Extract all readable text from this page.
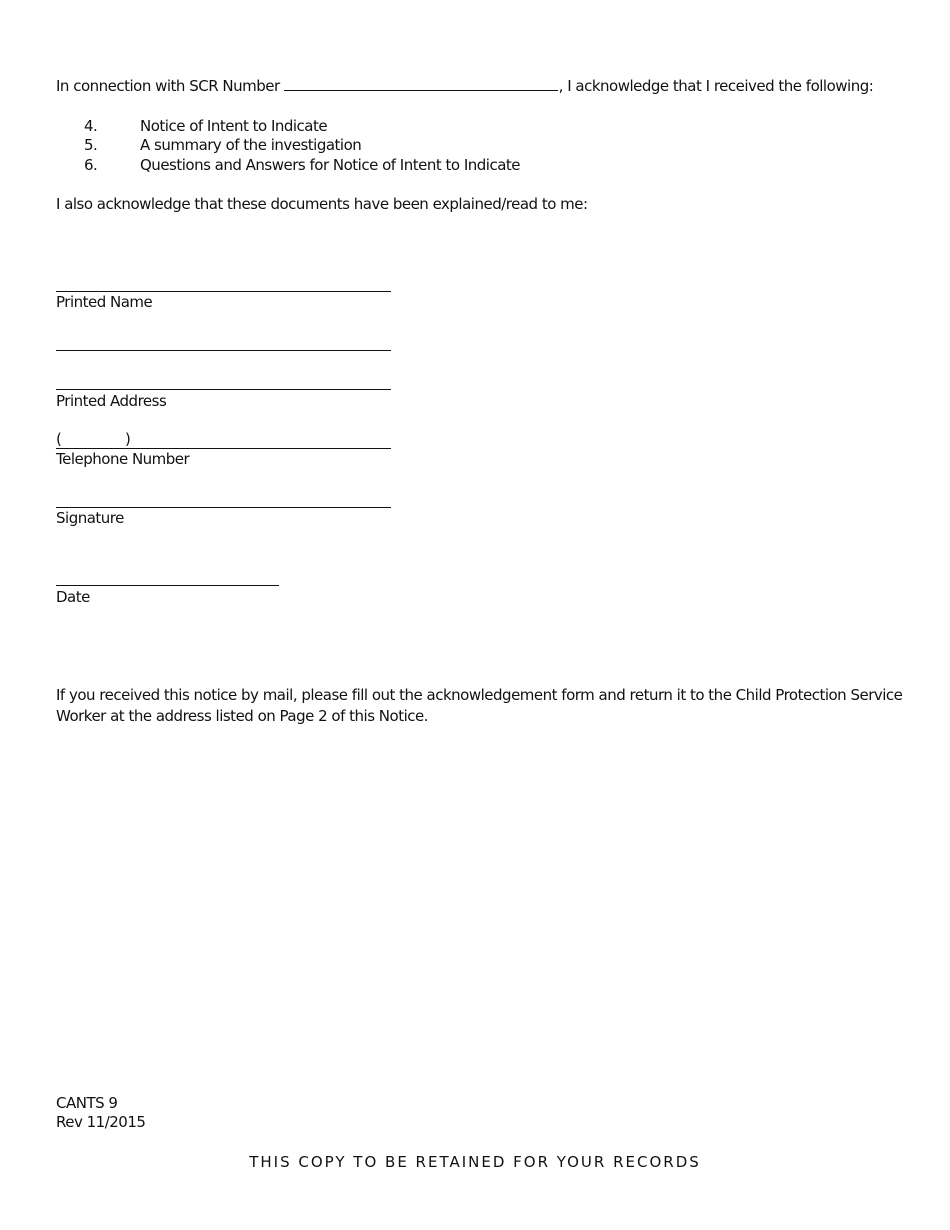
In connection with SCR Number	, I acknowledge that I received the following:
4.	Notice of Intent to Indicate
5.	A summary of the investigation
6.	Questions and Answers for Notice of Intent to Indicate
I also acknowledge that these documents have been explained/read to me:
Printed Name
Printed Address
(	)
Telephone Number
Signature
Date
If you received this notice by mail, please fill out the acknowledgement form and return it to the Child Protection Service Worker at the address listed on Page 2 of this Notice.
CANTS 9
Rev 11/2015
THIS COPY TO BE RETAINED FOR YOUR RECORDS
